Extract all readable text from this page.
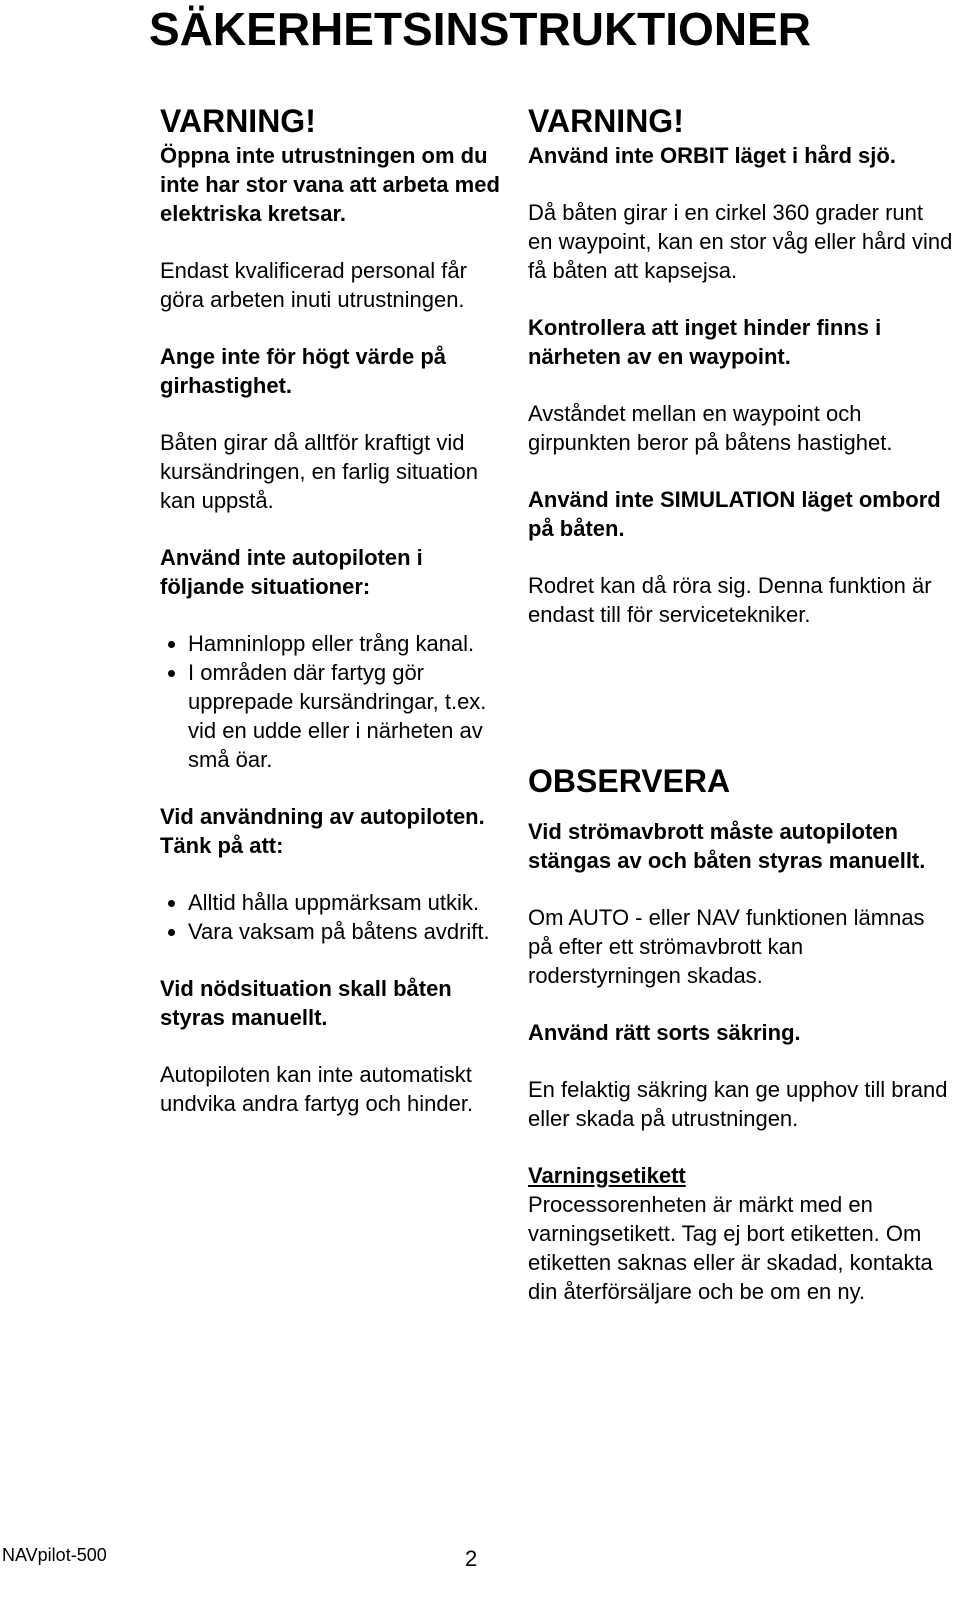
SÄKERHETSINSTRUKTIONER
VARNING!

Öppna inte utrustningen om du inte har stor vana att arbeta med elektriska kretsar.

Endast kvalificerad personal får göra arbeten inuti utrustningen.

Ange inte för högt värde på girhastighet.

Båten girar då alltför kraftigt vid kursändringen, en farlig situation kan uppstå.

Använd inte autopiloten i följande situationer:

Hamninlopp eller trång kanal.
I områden där fartyg gör upprepade kursändringar, t.ex. vid en udde eller i närheten av små öar.

Vid användning av autopiloten. Tänk på att:

Alltid hålla uppmärksam utkik.
Vara vaksam på båtens avdrift.

Vid nödsituation skall båten styras manuellt.

Autopiloten kan inte automatiskt undvika andra fartyg och hinder.

VARNING!

Använd inte ORBIT läget i hård sjö.

Då båten girar i en cirkel 360 grader runt en waypoint, kan en stor våg eller hård vind få båten att kapsejsa.

Kontrollera att inget hinder finns i närheten av en waypoint.

Avståndet mellan en waypoint och girpunkten beror på båtens hastighet.

Använd inte SIMULATION läget ombord på båten.

Rodret kan då röra sig. Denna funktion är endast till för servicetekniker.

OBSERVERA

Vid strömavbrott måste autopiloten stängas av och båten styras manuellt.

Om AUTO - eller NAV funktionen lämnas på efter ett strömavbrott kan roderstyrningen skadas.

Använd rätt sorts säkring.

En felaktig säkring kan ge upphov till brand eller skada på utrustningen.

Varningsetikett

Processorenheten är märkt med en varningsetikett. Tag ej bort etiketten. Om etiketten saknas eller är skadad, kontakta din återförsäljare och be om en ny.

NAVpilot-500	2
